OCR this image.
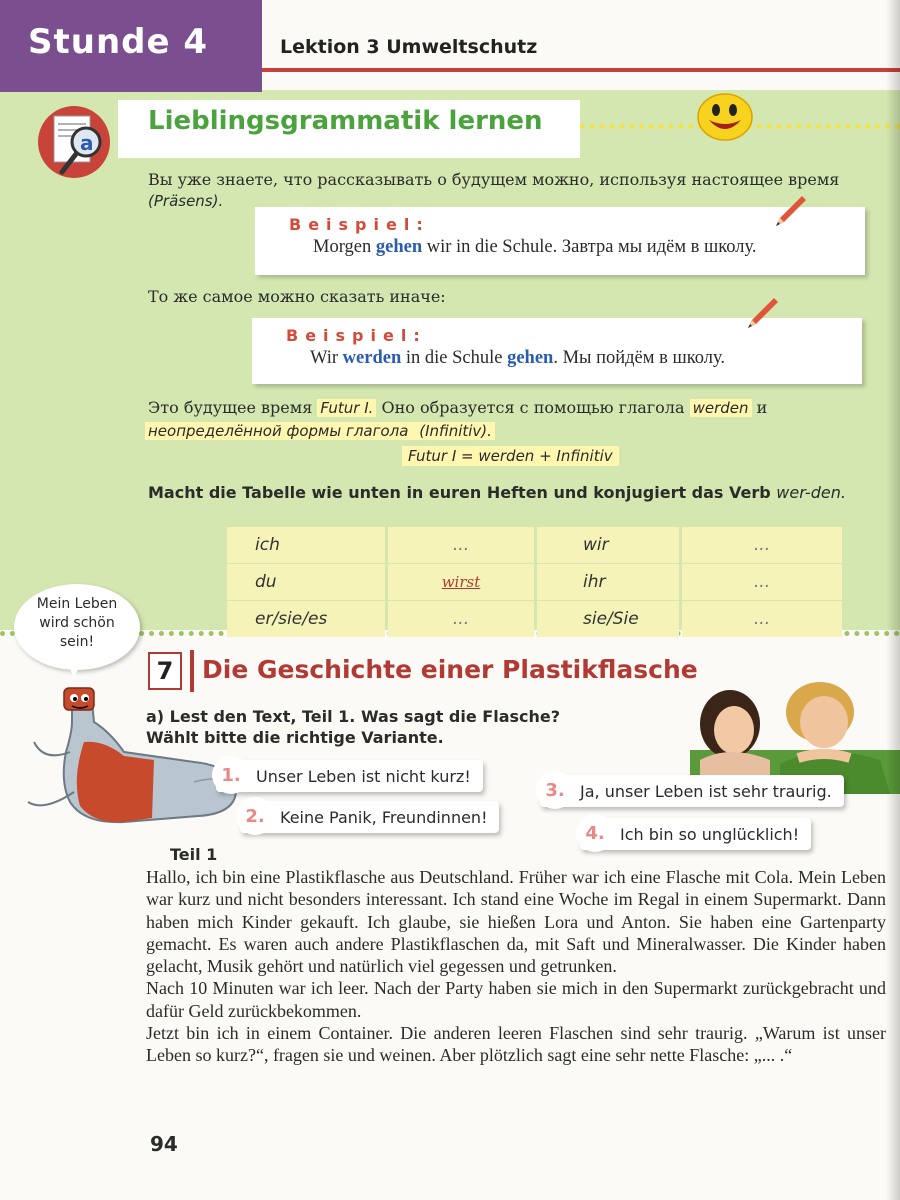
Stunde 4	Lektion 3 Umweltschutz
a
Lieblingsgrammatik lernen
Вы уже знаете, что рассказывать о будущем можно, используя настоящее время
(Präsens).
Beispiel:
Morgen gehen wir in die Schule. Завтра мы идём в школу.
То же самое можно сказать иначе:
Beispiel:
Wir werden in die Schule gehen. Мы пойдём в школу.
Это будущее время Futur I. Оно образуется с помощью глагола werden и
неопределённой формы глагола (Infinitiv).
Futur I = werden + Infinitiv
Macht die Tabelle wie unten in euren Heften und konjugiert das Verb wer-den.
ich	...	wir	...
du	wirst	ihr	...
er/sie/es	...	sie/Sie	...
Mein Leben
wird schön
sein!
7	Die Geschichte einer Plastikflasche
a) Lest den Text, Teil 1. Was sagt die Flasche?
Wählt bitte die richtige Variante.
1. Unser Leben ist nicht kurz!
2. Keine Panik, Freundinnen!
3. Ja, unser Leben ist sehr traurig.
4. Ich bin so unglücklich!
Teil 1

Hallo, ich bin eine Plastikflasche aus Deutschland. Früher war ich eine Flasche mit Cola. Mein Leben war kurz und nicht besonders interessant. Ich stand eine Woche im Regal in einem Supermarkt. Dann haben mich Kinder gekauft. Ich glaube, sie hießen Lora und Anton. Sie haben eine Gartenparty gemacht. Es waren auch andere Plastikflaschen da, mit Saft und Mineralwasser. Die Kinder haben gelacht, Musik gehört und natürlich viel gegessen und getrunken.

Nach 10 Minuten war ich leer. Nach der Party haben sie mich in den Supermarkt zurückgebracht und dafür Geld zurückbekommen.

Jetzt bin ich in einem Container. Die anderen leeren Flaschen sind sehr traurig. „Warum ist unser Leben so kurz?“, fragen sie und weinen. Aber plötzlich sagt eine sehr nette Flasche: „... .“

94
